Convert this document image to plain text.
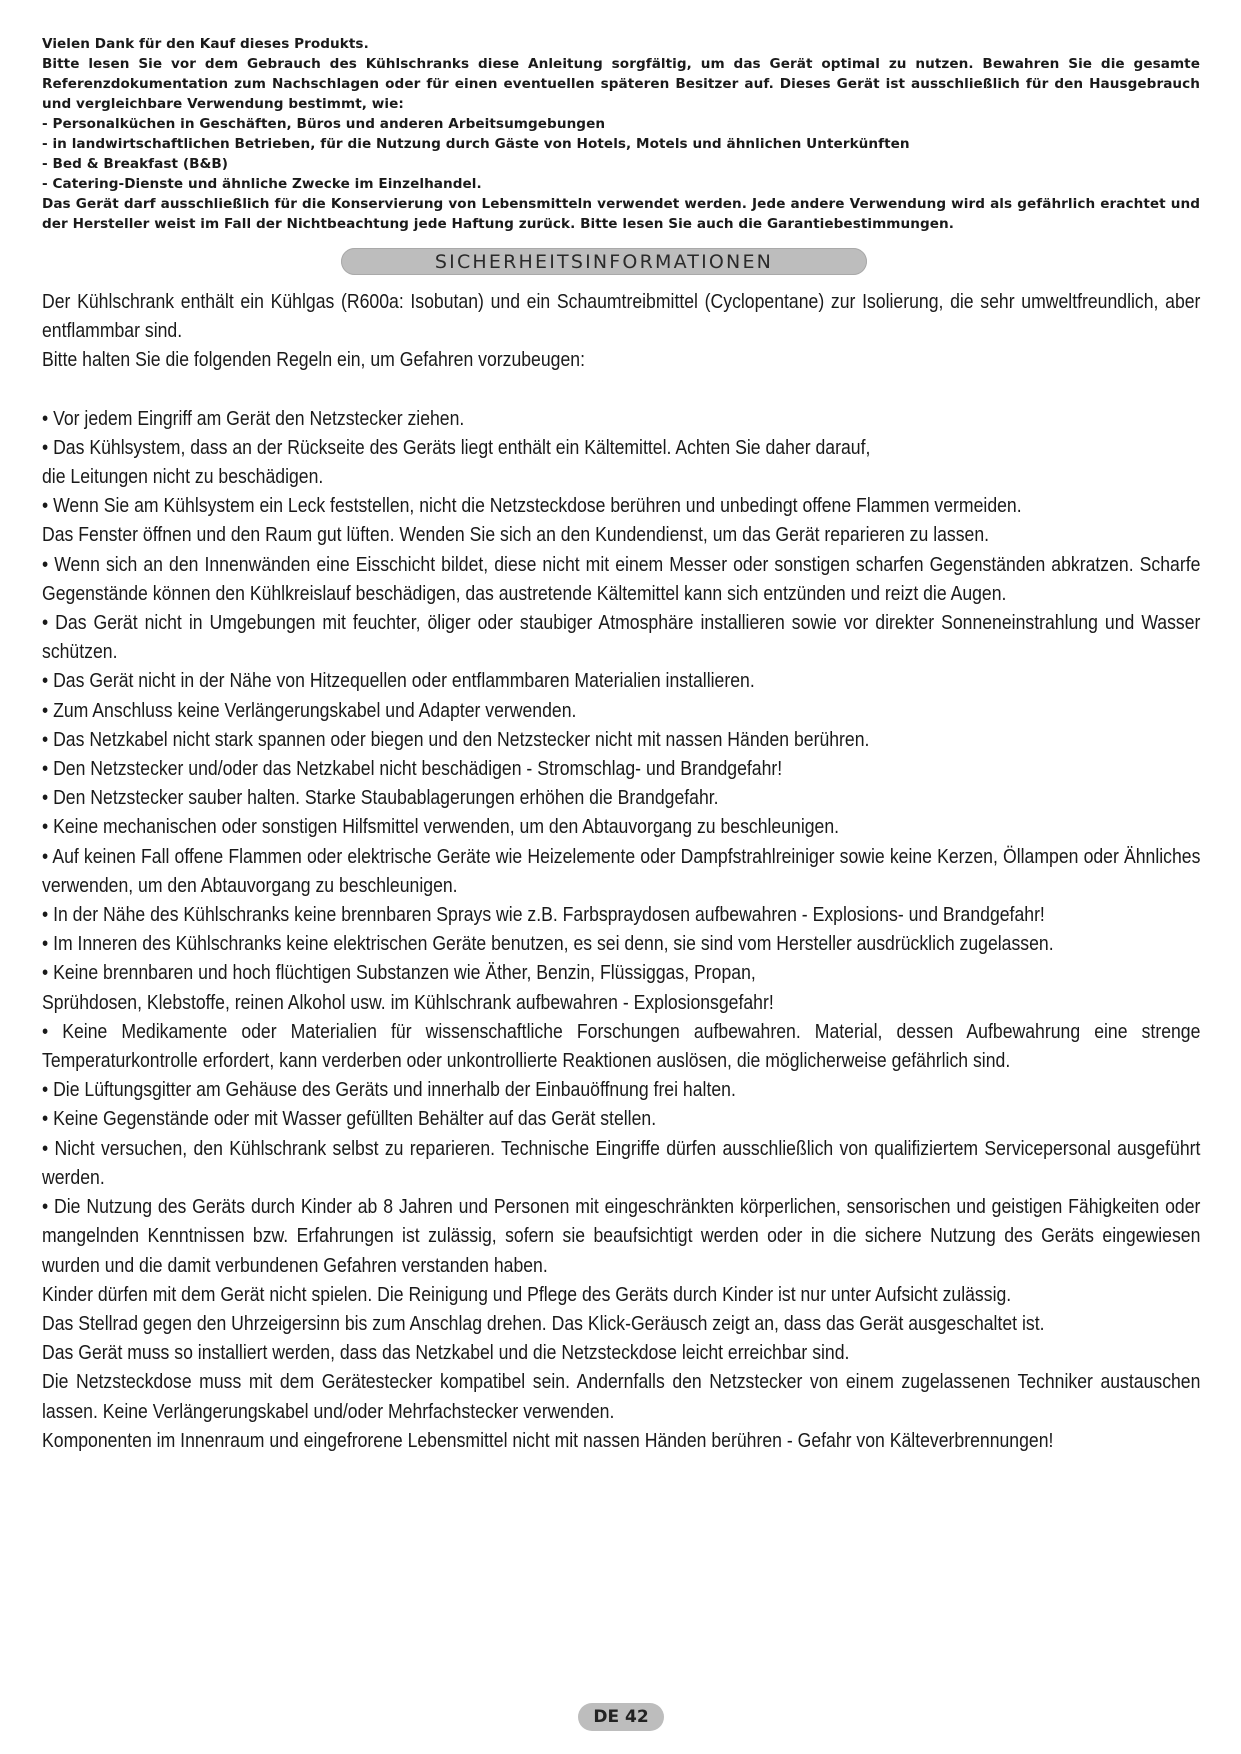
Vielen Dank für den Kauf dieses Produkts.

Bitte lesen Sie vor dem Gebrauch des Kühlschranks diese Anleitung sorgfältig, um das Gerät optimal zu nutzen. Bewahren Sie die gesamte Referenzdokumentation zum Nachschlagen oder für einen eventuellen späteren Besitzer auf. Dieses Gerät ist ausschließlich für den Hausgebrauch und vergleichbare Verwendung bestimmt, wie:

- Personalküchen in Geschäften, Büros und anderen Arbeitsumgebungen

- in landwirtschaftlichen Betrieben, für die Nutzung durch Gäste von Hotels, Motels und ähnlichen Unterkünften

- Bed & Breakfast (B&B)

- Catering-Dienste und ähnliche Zwecke im Einzelhandel.

Das Gerät darf ausschließlich für die Konservierung von Lebensmitteln verwendet werden. Jede andere Verwendung wird als gefährlich erachtet und der Hersteller weist im Fall der Nichtbeachtung jede Haftung zurück. Bitte lesen Sie auch die Garantiebestimmungen.

SICHERHEITSINFORMATIONEN

Der Kühlschrank enthält ein Kühlgas (R600a: Isobutan) und ein Schaumtreibmittel (Cyclopentane) zur Isolierung, die sehr umweltfreundlich, aber entflammbar sind.

Bitte halten Sie die folgenden Regeln ein, um Gefahren vorzubeugen:

• Vor jedem Eingriff am Gerät den Netzstecker ziehen.

• Das Kühlsystem, dass an der Rückseite des Geräts liegt enthält ein Kältemittel. Achten Sie daher darauf,

die Leitungen nicht zu beschädigen.

• Wenn Sie am Kühlsystem ein Leck feststellen, nicht die Netzsteckdose berühren und unbedingt offene Flammen vermeiden.

Das Fenster öffnen und den Raum gut lüften. Wenden Sie sich an den Kundendienst, um das Gerät reparieren zu lassen.

• Wenn sich an den Innenwänden eine Eisschicht bildet, diese nicht mit einem Messer oder sonstigen scharfen Gegenständen abkratzen. Scharfe Gegenstände können den Kühlkreislauf beschädigen, das austretende Kältemittel kann sich entzünden und reizt die Augen.

• Das Gerät nicht in Umgebungen mit feuchter, öliger oder staubiger Atmosphäre installieren sowie vor direkter Sonneneinstrahlung und Wasser schützen.

• Das Gerät nicht in der Nähe von Hitzequellen oder entflammbaren Materialien installieren.

• Zum Anschluss keine Verlängerungskabel und Adapter verwenden.

• Das Netzkabel nicht stark spannen oder biegen und den Netzstecker nicht mit nassen Händen berühren.

• Den Netzstecker und/oder das Netzkabel nicht beschädigen - Stromschlag- und Brandgefahr!

• Den Netzstecker sauber halten. Starke Staubablagerungen erhöhen die Brandgefahr.

• Keine mechanischen oder sonstigen Hilfsmittel verwenden, um den Abtauvorgang zu beschleunigen.

• Auf keinen Fall offene Flammen oder elektrische Geräte wie Heizelemente oder Dampfstrahlreiniger sowie keine Kerzen, Öllampen oder Ähnliches verwenden, um den Abtauvorgang zu beschleunigen.

• In der Nähe des Kühlschranks keine brennbaren Sprays wie z.B. Farbspraydosen aufbewahren - Explosions- und Brandgefahr!

• Im Inneren des Kühlschranks keine elektrischen Geräte benutzen, es sei denn, sie sind vom Hersteller ausdrücklich zugelassen.

• Keine brennbaren und hoch flüchtigen Substanzen wie Äther, Benzin, Flüssiggas, Propan,

Sprühdosen, Klebstoffe, reinen Alkohol usw. im Kühlschrank aufbewahren - Explosionsgefahr!

• Keine Medikamente oder Materialien für wissenschaftliche Forschungen aufbewahren. Material, dessen Aufbewahrung eine strenge Temperaturkontrolle erfordert, kann verderben oder unkontrollierte Reaktionen auslösen, die möglicherweise gefährlich sind.

• Die Lüftungsgitter am Gehäuse des Geräts und innerhalb der Einbauöffnung frei halten.

• Keine Gegenstände oder mit Wasser gefüllten Behälter auf das Gerät stellen.

• Nicht versuchen, den Kühlschrank selbst zu reparieren. Technische Eingriffe dürfen ausschließlich von qualifiziertem Servicepersonal ausgeführt werden.

• Die Nutzung des Geräts durch Kinder ab 8 Jahren und Personen mit eingeschränkten körperlichen, sensorischen und geistigen Fähigkeiten oder mangelnden Kenntnissen bzw. Erfahrungen ist zulässig, sofern sie beaufsichtigt werden oder in die sichere Nutzung des Geräts eingewiesen wurden und die damit verbundenen Gefahren verstanden haben.

Kinder dürfen mit dem Gerät nicht spielen. Die Reinigung und Pflege des Geräts durch Kinder ist nur unter Aufsicht zulässig.

Das Stellrad gegen den Uhrzeigersinn bis zum Anschlag drehen. Das Klick-Geräusch zeigt an, dass das Gerät ausgeschaltet ist.

Das Gerät muss so installiert werden, dass das Netzkabel und die Netzsteckdose leicht erreichbar sind.

Die Netzsteckdose muss mit dem Gerätestecker kompatibel sein. Andernfalls den Netzstecker von einem zugelassenen Techniker austauschen lassen. Keine Verlängerungskabel und/oder Mehrfachstecker verwenden.

Komponenten im Innenraum und eingefrorene Lebensmittel nicht mit nassen Händen berühren - Gefahr von Kälteverbrennungen!

DE 42
